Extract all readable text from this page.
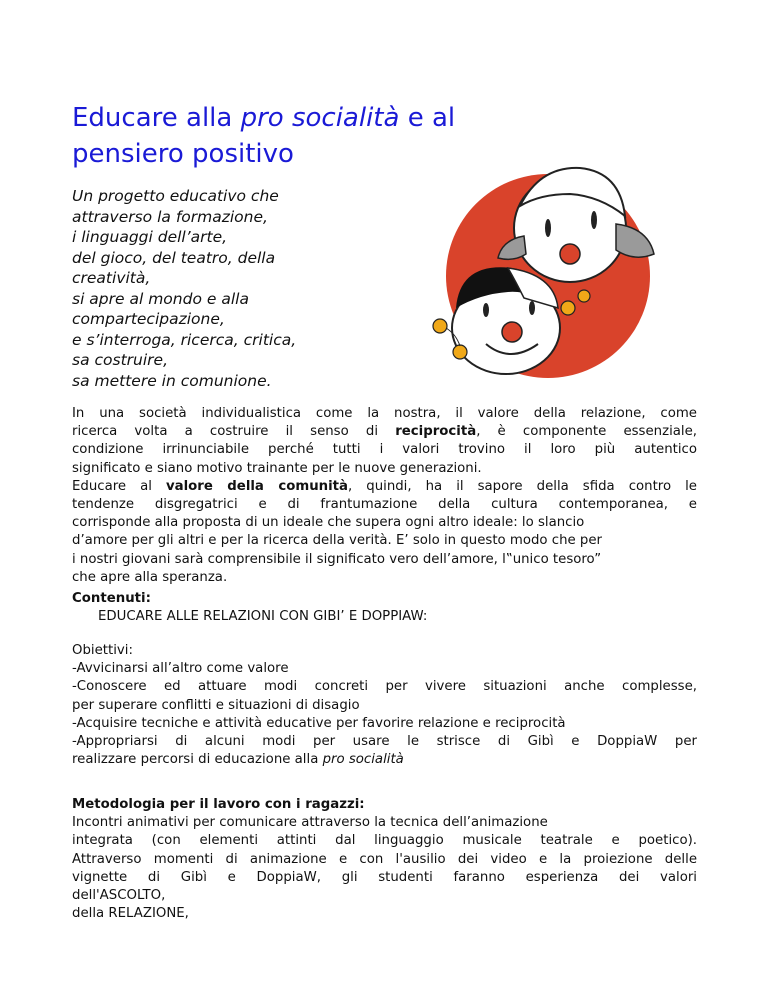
Educare alla pro socialità e al
pensiero positivo
Un progetto educativo che
attraverso la formazione,
i linguaggi dell’arte,
del gioco, del teatro, della
creatività,
si apre al mondo e alla
compartecipazione,
e s’interroga, ricerca, critica,
sa costruire,
sa mettere in comunione.
In una società individualistica come la nostra, il valore della relazione, come
ricerca volta a costruire il senso di reciprocità, è componente essenziale,
condizione irrinunciabile perché tutti i valori trovino il loro più autentico
significato e siano motivo trainante per le nuove generazioni.
Educare al valore della comunità, quindi, ha il sapore della sfida contro le
tendenze disgregatrici e di frantumazione della cultura contemporanea, e
corrisponde alla proposta di un ideale che supera ogni altro ideale: lo slancio
d’amore per gli altri e per la ricerca della verità. E’ solo in questo modo che per
i nostri giovani sarà comprensibile il significato vero dell’amore, l‟unico tesoro”
che apre alla speranza.
Contenuti:
EDUCARE ALLE RELAZIONI CON GIBI’ E DOPPIAW:
Obiettivi:
-Avvicinarsi all’altro come valore
-Conoscere ed attuare modi concreti per vivere situazioni anche complesse,
per superare conflitti e situazioni di disagio
-Acquisire tecniche e attività educative per favorire relazione e reciprocità
-Appropriarsi di alcuni modi per usare le strisce di Gibì e DoppiaW per
realizzare percorsi di educazione alla pro socialità
Metodologia per il lavoro con i ragazzi:
Incontri animativi per comunicare attraverso la tecnica dell’animazione
integrata (con elementi attinti dal linguaggio musicale teatrale e poetico).
Attraverso momenti di animazione e con l'ausilio dei video e la proiezione delle
vignette di Gibì e DoppiaW, gli studenti faranno esperienza dei valori
dell'ASCOLTO,
della RELAZIONE,
